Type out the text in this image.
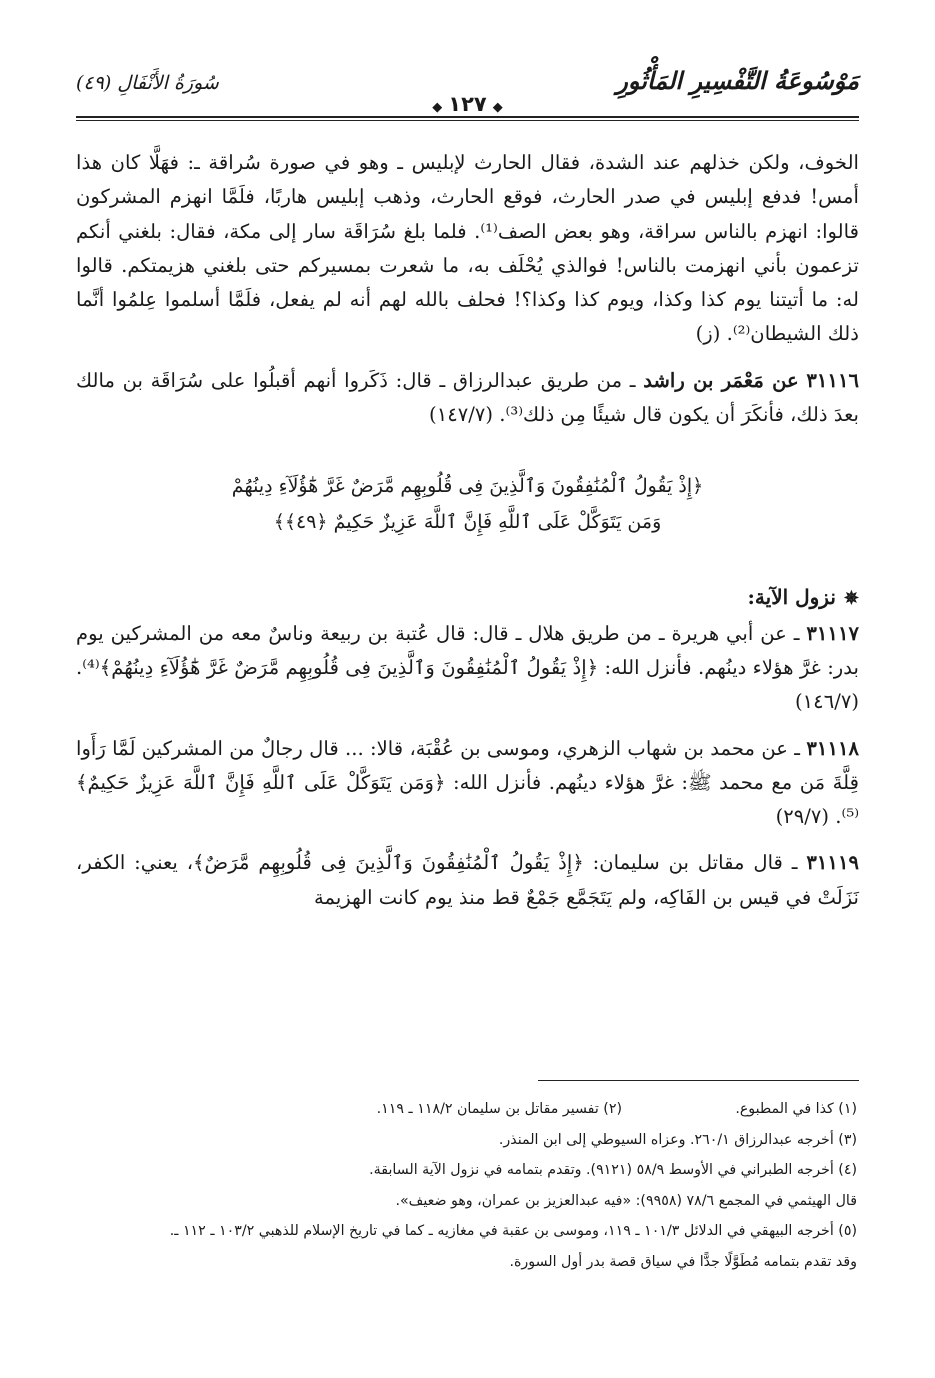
مَوْسُوعَةُ التَّفْسِيرِ المَأْثُورِ
◆١٢٧◆
سُورَةُ الأَنْفَالِ (٤٩)

الخوف، ولكن خذلهم عند الشدة، فقال الحارث لإبليس ـ وهو في صورة سُراقة ـ: فهَلَّا كان هذا أمس! فدفع إبليس في صدر الحارث، فوقع الحارث، وذهب إبليس هاربًا، فلَمَّا انهزم المشركون قالوا: انهزم بالناس سراقة، وهو بعض الصف⁽¹⁾. فلما بلغ سُرَاقَة سار إلى مكة، فقال: بلغني أنكم تزعمون بأني انهزمت بالناس! فوالذي يُحْلَف به، ما شعرت بمسيركم حتى بلغني هزيمتكم. قالوا له: ما أتيتنا يوم كذا وكذا، ويوم كذا وكذا؟! فحلف بالله لهم أنه لم يفعل، فلَمَّا أسلموا عِلمُوا أنَّما ذلك الشيطان⁽²⁾. (ز)

٣١١١٦ عن مَعْمَر بن راشد ـ من طريق عبدالرزاق ـ قال: ذَكَروا أنهم أقبلُوا على سُرَاقَة بن مالك بعدَ ذلك، فأنكَرَ أن يكون قال شيئًا مِن ذلك⁽³⁾. (١٤٧/٧)

﴿إِذْ يَقُولُ ٱلْمُنَٰفِقُونَ وَٱلَّذِينَ فِى قُلُوبِهِم مَّرَضٌ غَرَّ هَٰٓؤُلَآءِ دِينُهُمْ
وَمَن يَتَوَكَّلْ عَلَى ٱللَّهِ فَإِنَّ ٱللَّهَ عَزِيزٌ حَكِيمٌ ﴿٤٩﴾﴾

✵نزول الآية:

٣١١١٧ ـ عن أبي هريرة ـ من طريق هلال ـ قال: قال عُتبة بن ربيعة وناسٌ معه من المشركين يوم بدر: غرَّ هؤلاء دينُهم. فأنزل الله: ﴿إِذْ يَقُولُ ٱلْمُنَٰفِقُونَ وَٱلَّذِينَ فِى قُلُوبِهِم مَّرَضٌ غَرَّ هَٰٓؤُلَآءِ دِينُهُمْ﴾⁽⁴⁾. (١٤٦/٧)

٣١١١٨ ـ عن محمد بن شهاب الزهري، وموسى بن عُقْبَة، قالا: ... قال رجالٌ من المشركين لَمَّا رَأَوا قِلَّةَ مَن مع محمد ﷺ: غرَّ هؤلاء دينُهم. فأنزل الله: ﴿وَمَن يَتَوَكَّلْ عَلَى ٱللَّهِ فَإِنَّ ٱللَّهَ عَزِيزٌ حَكِيمٌ﴾⁽⁵⁾. (٢٩/٧)

٣١١١٩ ـ قال مقاتل بن سليمان: ﴿إِذْ يَقُولُ ٱلْمُنَٰفِقُونَ وَٱلَّذِينَ فِى قُلُوبِهِم مَّرَضٌ﴾، يعني: الكفر، نَزَلَتْ في قيس بن الفَاكِه، ولم يَتَجَمَّع جَمْعٌ قط منذ يوم كانت الهزيمة

(١) كذا في المطبوع.
(٢) تفسير مقاتل بن سليمان ١١٨/٢ ـ ١١٩.

(٣) أخرجه عبدالرزاق ٢٦٠/١. وعزاه السيوطي إلى ابن المنذر.

(٤) أخرجه الطبراني في الأوسط ٥٨/٩ (٩١٢١). وتقدم بتمامه في نزول الآية السابقة.

قال الهيثمي في المجمع ٧٨/٦ (٩٩٥٨): «فيه عبدالعزيز بن عمران، وهو ضعيف».

(٥) أخرجه البيهقي في الدلائل ١٠١/٣ ـ ١١٩، وموسى بن عقبة في مغازيه ـ كما في تاريخ الإسلام للذهبي ١٠٣/٢ ـ ١١٢ ـ.

وقد تقدم بتمامه مُطَوَّلًا جدًّا في سياق قصة بدر أول السورة.
